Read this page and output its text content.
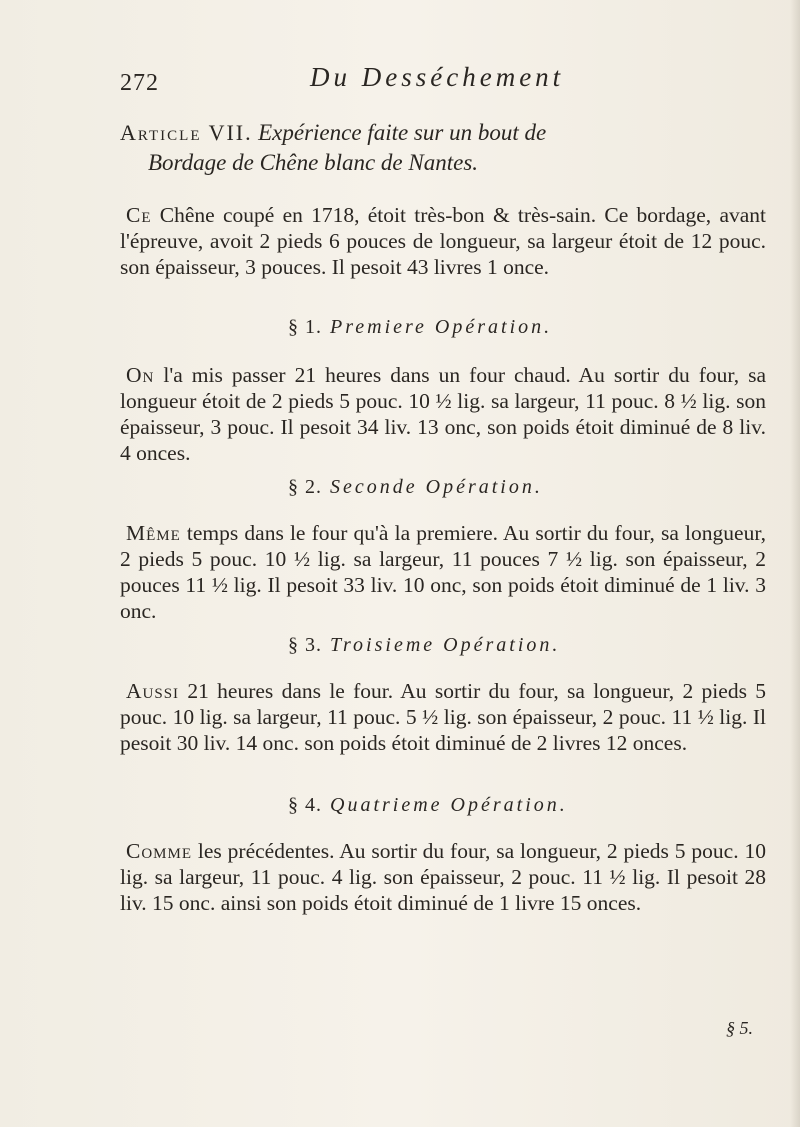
272	Du Desséchement
Article VII. Expérience faite sur un bout de
Bordage de Chêne blanc de Nantes.
Ce Chêne coupé en 1718, étoit très-bon & très-sain. Ce bordage, avant l'épreuve, avoit 2 pieds 6 pouces de longueur, sa largeur étoit de 12 pouc. son épaisseur, 3 pouces. Il pesoit 43 livres 1 once.
§ 1. Premiere Opération.
On l'a mis passer 21 heures dans un four chaud. Au sortir du four, sa longueur étoit de 2 pieds 5 pouc. 10 ½ lig. sa largeur, 11 pouc. 8 ½ lig. son épaisseur, 3 pouc. Il pesoit 34 liv. 13 onc, son poids étoit diminué de 8 liv. 4 onces.
§ 2. Seconde Opération.
Même temps dans le four qu'à la premiere. Au sortir du four, sa longueur, 2 pieds 5 pouc. 10 ½ lig. sa largeur, 11 pouces 7 ½ lig. son épaisseur, 2 pouces 11 ½ lig. Il pesoit 33 liv. 10 onc, son poids étoit diminué de 1 liv. 3 onc.
§ 3. Troisieme Opération.
Aussi 21 heures dans le four. Au sortir du four, sa longueur, 2 pieds 5 pouc. 10 lig. sa largeur, 11 pouc. 5 ½ lig. son épaisseur, 2 pouc. 11 ½ lig. Il pesoit 30 liv. 14 onc. son poids étoit diminué de 2 livres 12 onces.
§ 4. Quatrieme Opération.
Comme les précédentes. Au sortir du four, sa longueur, 2 pieds 5 pouc. 10 lig. sa largeur, 11 pouc. 4 lig. son épaisseur, 2 pouc. 11 ½ lig. Il pesoit 28 liv. 15 onc. ainsi son poids étoit diminué de 1 livre 15 onces.
§ 5.
